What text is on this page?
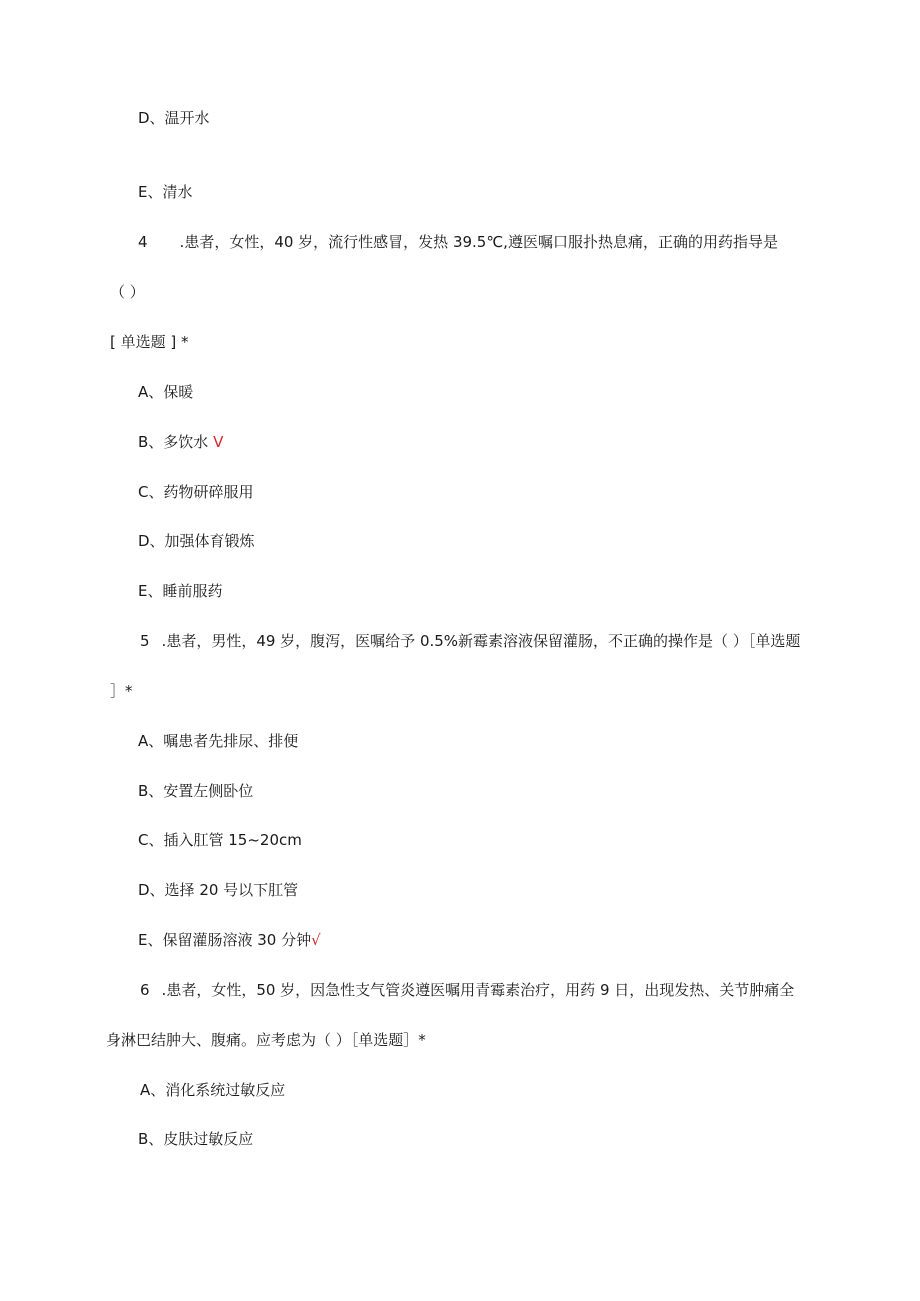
D、温开水
E、清水
4 .患者，女性，40 岁，流行性感冒，发热 39.5℃,遵医嘱口服扑热息痛，正确的用药指导是
（ ）
[ 单选题 ] *
A、保暖
B、多饮水 V
C、药物研碎服用
D、加强体育锻炼
E、睡前服药
5 .患者，男性，49 岁，腹泻，医嘱给予 0.5%新霉素溶液保留灌肠，不正确的操作是（ ）［单选题
］*
A、嘱患者先排尿、排便
B、安置左侧卧位
C、插入肛管 15~20cm
D、选择 20 号以下肛管
E、保留灌肠溶液 30 分钟√
6 .患者，女性，50 岁，因急性支气管炎遵医嘱用青霉素治疗，用药 9 日，出现发热、关节肿痛全
身淋巴结肿大、腹痛。应考虑为（ ）［单选题］*
A、消化系统过敏反应
B、皮肤过敏反应
